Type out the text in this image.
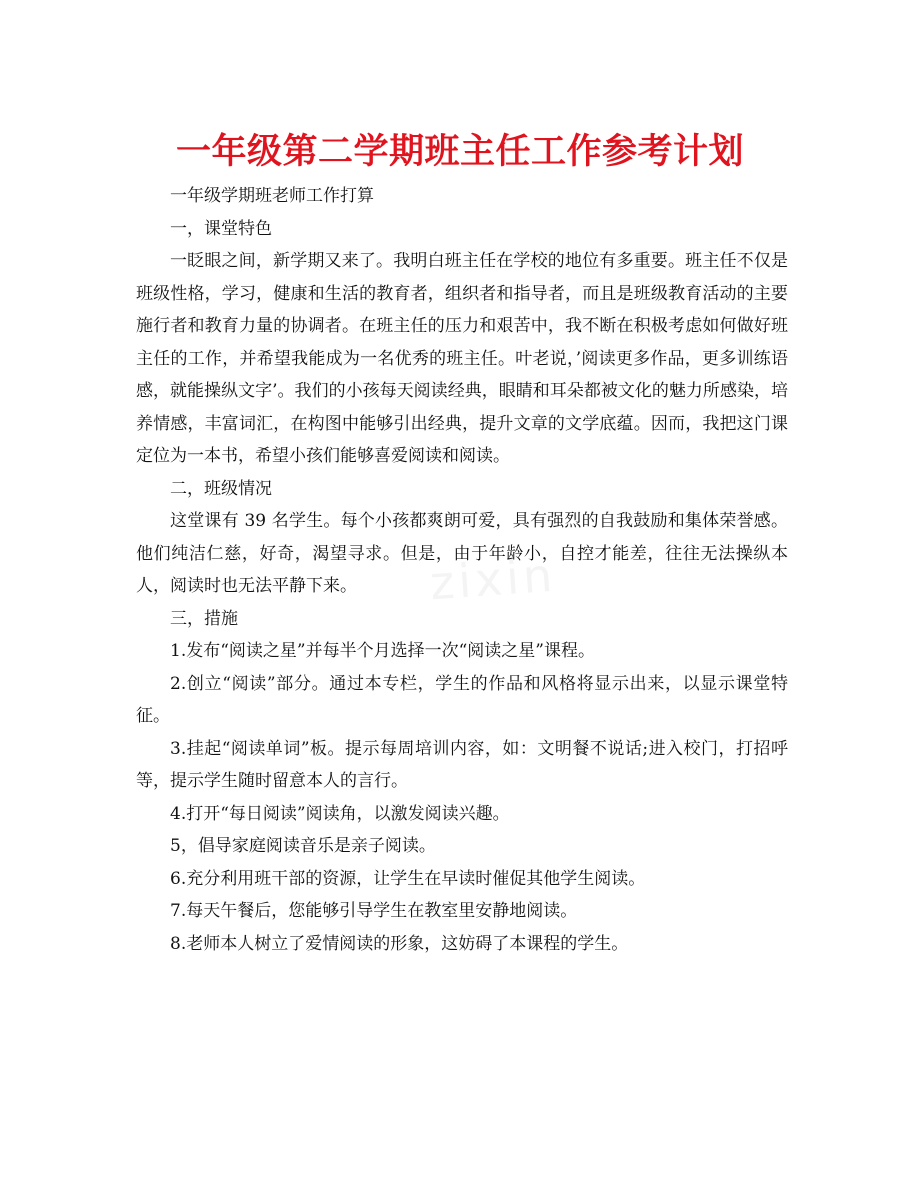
一年级第二学期班主任工作参考计划

一年级学期班老师工作打算

一，课堂特色

一眨眼之间，新学期又来了。我明白班主任在学校的地位有多重要。班主任不仅是班级性格，学习，健康和生活的教育者，组织者和指导者，而且是班级教育活动的主要施行者和教育力量的协调者。在班主任的压力和艰苦中，我不断在积极考虑如何做好班主任的工作，并希望我能成为一名优秀的班主任。叶老说，’阅读更多作品，更多训练语感，就能操纵文字’。我们的小孩每天阅读经典，眼睛和耳朵都被文化的魅力所感染，培养情感，丰富词汇，在构图中能够引出经典，提升文章的文学底蕴。因而，我把这门课定位为一本书，希望小孩们能够喜爱阅读和阅读。

二，班级情况

这堂课有 39 名学生。每个小孩都爽朗可爱，具有强烈的自我鼓励和集体荣誉感。他们纯洁仁慈，好奇，渴望寻求。但是，由于年龄小，自控才能差，往往无法操纵本人，阅读时也无法平静下来。

三，措施

1.发布“阅读之星”并每半个月选择一次“阅读之星”课程。

2.创立“阅读”部分。通过本专栏，学生的作品和风格将显示出来，以显示课堂特征。

3.挂起“阅读单词”板。提示每周培训内容，如：文明餐不说话;进入校门，打招呼等，提示学生随时留意本人的言行。

4.打开“每日阅读”阅读角，以激发阅读兴趣。

5，倡导家庭阅读音乐是亲子阅读。

6.充分利用班干部的资源，让学生在早读时催促其他学生阅读。

7.每天午餐后，您能够引导学生在教室里安静地阅读。

8.老师本人树立了爱情阅读的形象，这妨碍了本课程的学生。

zixin
